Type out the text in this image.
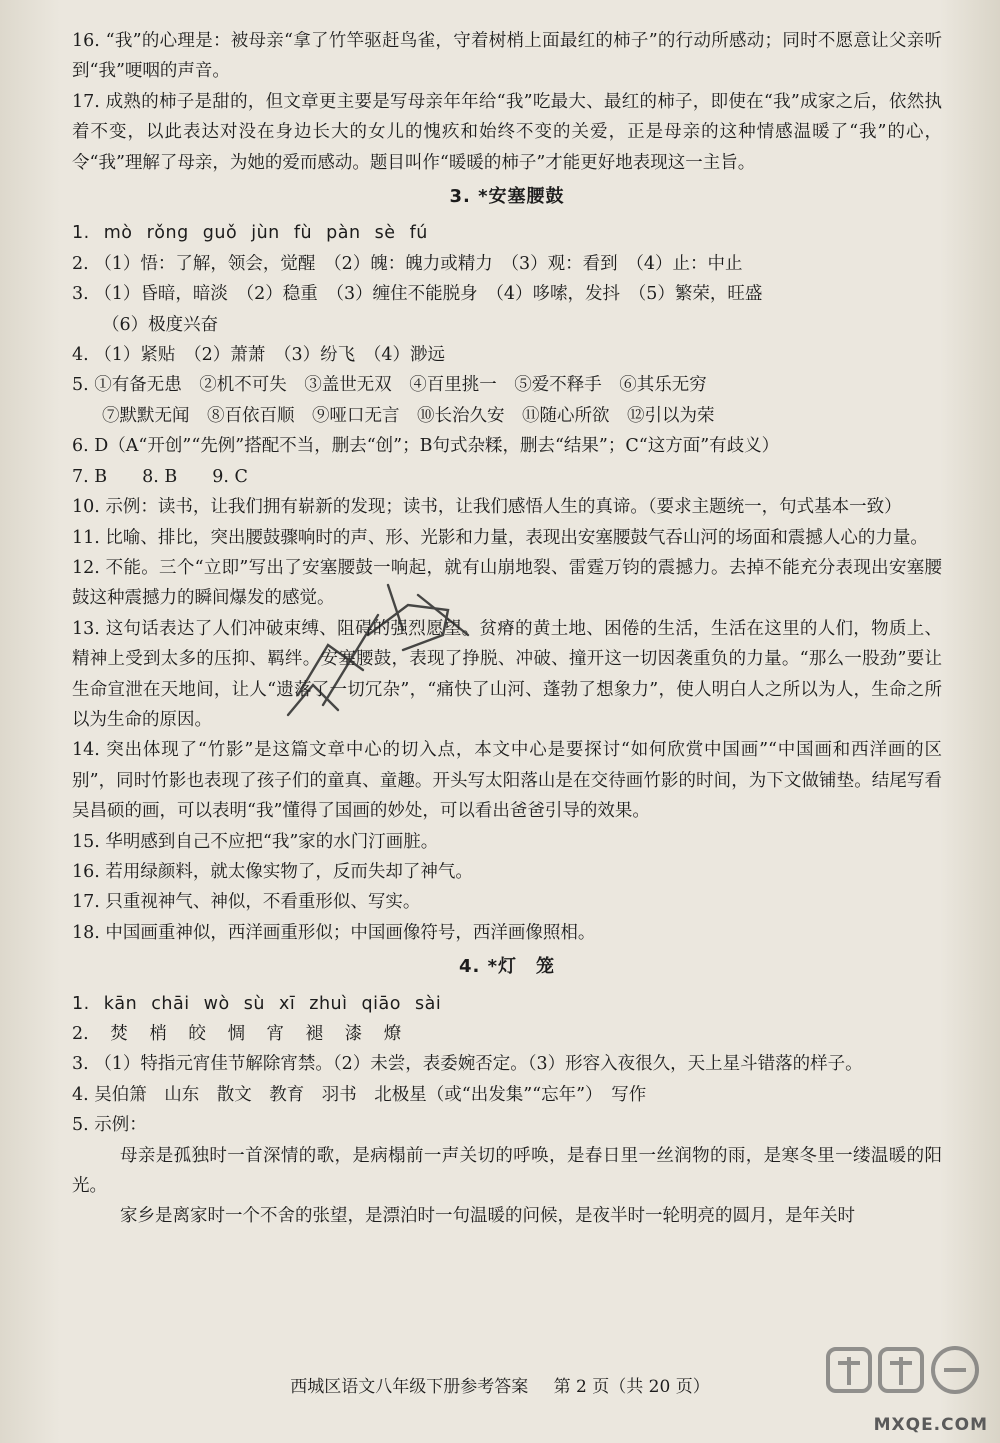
16. “我”的心理是：被母亲“拿了竹竿驱赶鸟雀，守着树梢上面最红的柿子”的行动所感动；同时不愿意让父亲听到“我”哽咽的声音。

17. 成熟的柿子是甜的，但文章更主要是写母亲年年给“我”吃最大、最红的柿子，即使在“我”成家之后，依然执着不变，以此表达对没在身边长大的女儿的愧疚和始终不变的关爱，正是母亲的这种情感温暖了“我”的心，令“我”理解了母亲，为她的爱而感动。题目叫作“暖暖的柿子”才能更好地表现这一主旨。

3. *安塞腰鼓
1. mò rǒng guǒ jùn fù pàn sè fú
2. （1）悟：了解，领会，觉醒　（2）魄：魄力或精力　（3）观：看到　（4）止：中止
3. （1）昏暗，暗淡　（2）稳重　（3）缠住不能脱身　（4）哆嗦，发抖　（5）繁荣，旺盛
（6）极度兴奋
4. （1）紧贴　（2）萧萧　（3）纷飞　（4）渺远
5. ①有备无患　②机不可失　③盖世无双　④百里挑一　⑤爱不释手　⑥其乐无穷
⑦默默无闻　⑧百依百顺　⑨哑口无言　⑩长治久安　⑪随心所欲　⑫引以为荣
6. D（A“开创”“先例”搭配不当，删去“创”；B句式杂糅，删去“结果”；C“这方面”有歧义）
7. B　　8. B　　9. C
10. 示例：读书，让我们拥有崭新的发现；读书，让我们感悟人生的真谛。（要求主题统一，句式基本一致）
11. 比喻、排比，突出腰鼓骤响时的声、形、光影和力量，表现出安塞腰鼓气吞山河的场面和震撼人心的力量。
12. 不能。三个“立即”写出了安塞腰鼓一响起，就有山崩地裂、雷霆万钧的震撼力。去掉不能充分表现出安塞腰鼓这种震撼力的瞬间爆发的感觉。
13. 这句话表达了人们冲破束缚、阻碍的强烈愿望。贫瘠的黄土地、困倦的生活，生活在这里的人们，物质上、精神上受到太多的压抑、羁绊。安塞腰鼓，表现了挣脱、冲破、撞开这一切因袭重负的力量。“那么一股劲”要让生命宣泄在天地间，让人“遗落了一切冗杂”，“痛快了山河、蓬勃了想象力”，使人明白人之所以为人，生命之所以为生命的原因。
14. 突出体现了“竹影”是这篇文章中心的切入点，本文中心是要探讨“如何欣赏中国画”“中国画和西洋画的区别”，同时竹影也表现了孩子们的童真、童趣。开头写太阳落山是在交待画竹影的时间，为下文做铺垫。结尾写看吴昌硕的画，可以表明“我”懂得了国画的妙处，可以看出爸爸引导的效果。
15. 华明感到自己不应把“我”家的水门汀画脏。
16. 若用绿颜料，就太像实物了，反而失却了神气。
17. 只重视神气、神似，不看重形似、写实。
18. 中国画重神似，西洋画重形似；中国画像符号，西洋画像照相。
4. *灯　笼
1. kān chāi wò sù xī zhuì qiāo sài
2. 焚 梢 皎 惆 宵 褪 漆 燎
3. （1）特指元宵佳节解除宵禁。（2）未尝，表委婉否定。（3）形容入夜很久，天上星斗错落的样子。
4. 吴伯箫　山东　散文　教育　羽书　北极星（或“出发集”“忘年”）　写作
5. 示例：
母亲是孤独时一首深情的歌，是病榻前一声关切的呼唤，是春日里一丝润物的雨，是寒冬里一缕温暖的阳光。
家乡是离家时一个不舍的张望，是漂泊时一句温暖的问候，是夜半时一轮明亮的圆月，是年关时
西城区语文八年级下册参考答案 第 2 页（共 20 页）
MXQE.COM
